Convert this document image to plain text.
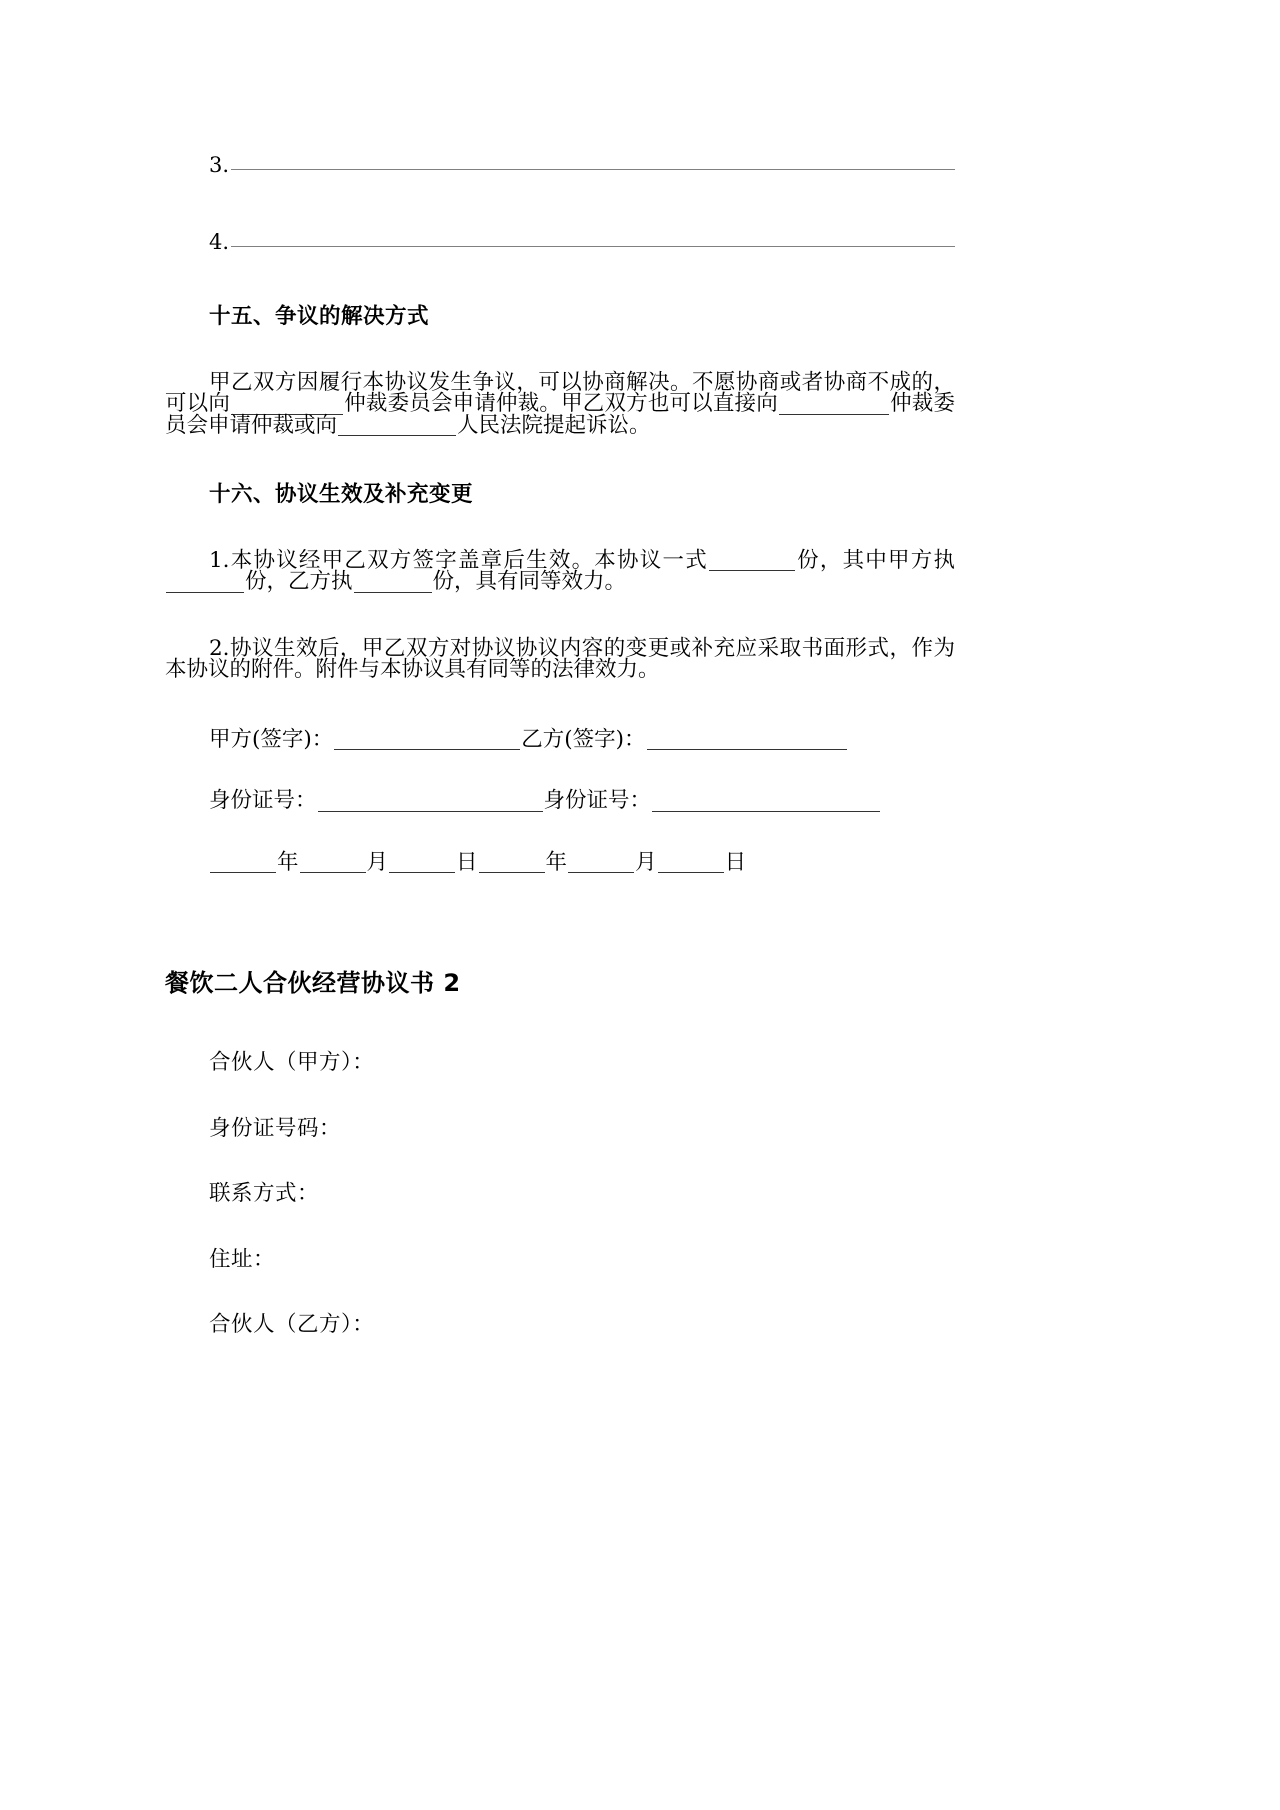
3.
4.
十五、争议的解决方式

甲乙双方因履行本协议发生争议，可以协商解决。不愿协商或者协商不成的，可以向	仲裁委员会申请仲裁。甲乙双方也可以直接向	仲裁委员会申请仲裁或向	人民法院提起诉讼。

十六、协议生效及补充变更

1.本协议经甲乙双方签字盖章后生效。本协议一式	份，其中甲方执份，乙方执	份，具有同等效力。

2.协议生效后，甲乙双方对协议协议内容的变更或补充应采取书面形式，作为本协议的附件。附件与本协议具有同等的法律效力。

甲方(签字)：	乙方(签字)：
身份证号：	身份证号：
年	月	日	年	月	日
餐饮二人合伙经营协议书 2

合伙人（甲方）：

身份证号码：

联系方式：

住址：

合伙人（乙方）：
